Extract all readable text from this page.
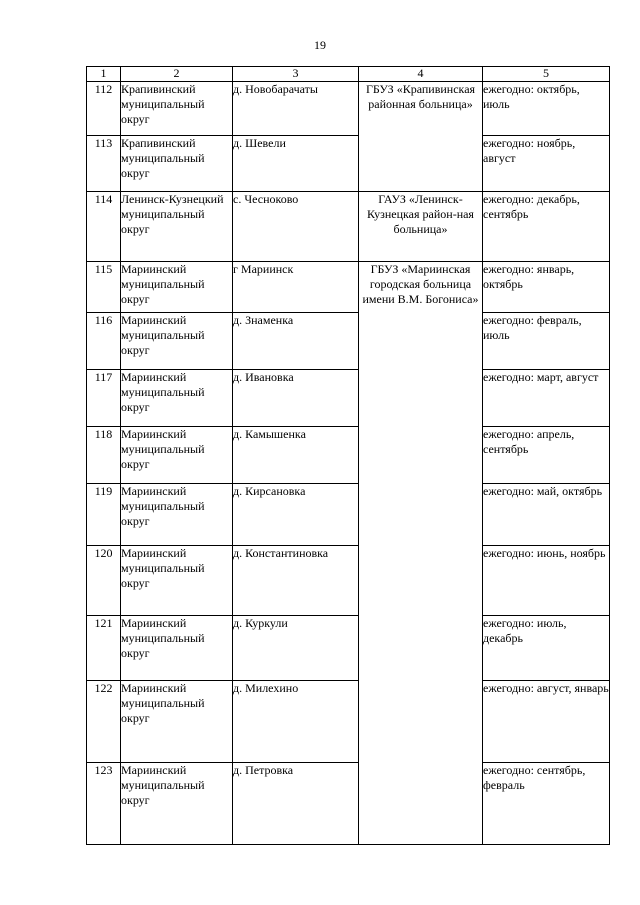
19
1	2	3	4	5
112	Крапивинский муниципальный округ	д. Новобарачаты	ГБУЗ «Крапивинская районная больница»	ежегодно: октябрь, июль
113	Крапивинский муниципальный округ	д. Шевели		ежегодно: ноябрь, август
114	Ленинск-Кузнецкий муниципальный округ	с. Чесноково	ГАУЗ «Ленинск-Кузнецкая район-ная больница»	ежегодно: декабрь, сентябрь
115	Мариинский муниципальный округ	г Мариинск	ГБУЗ «Мариинская городская больница имени В.М. Богониса»	ежегодно: январь, октябрь
116	Мариинский муниципальный округ	д. Знаменка		ежегодно: февраль, июль
117	Мариинский муниципальный округ	д. Ивановка		ежегодно: март, август
118	Мариинский муниципальный округ	д. Камышенка		ежегодно: апрель, сентябрь
119	Мариинский муниципальный округ	д. Кирсановка		ежегодно: май, октябрь
120	Мариинский муниципальный округ	д. Константиновка		ежегодно: июнь, ноябрь
121	Мариинский муниципальный округ	д. Куркули		ежегодно: июль, декабрь
122	Мариинский муниципальный округ	д. Милехино		ежегодно: август, январь
123	Мариинский муниципальный округ	д. Петровка		ежегодно: сентябрь, февраль
